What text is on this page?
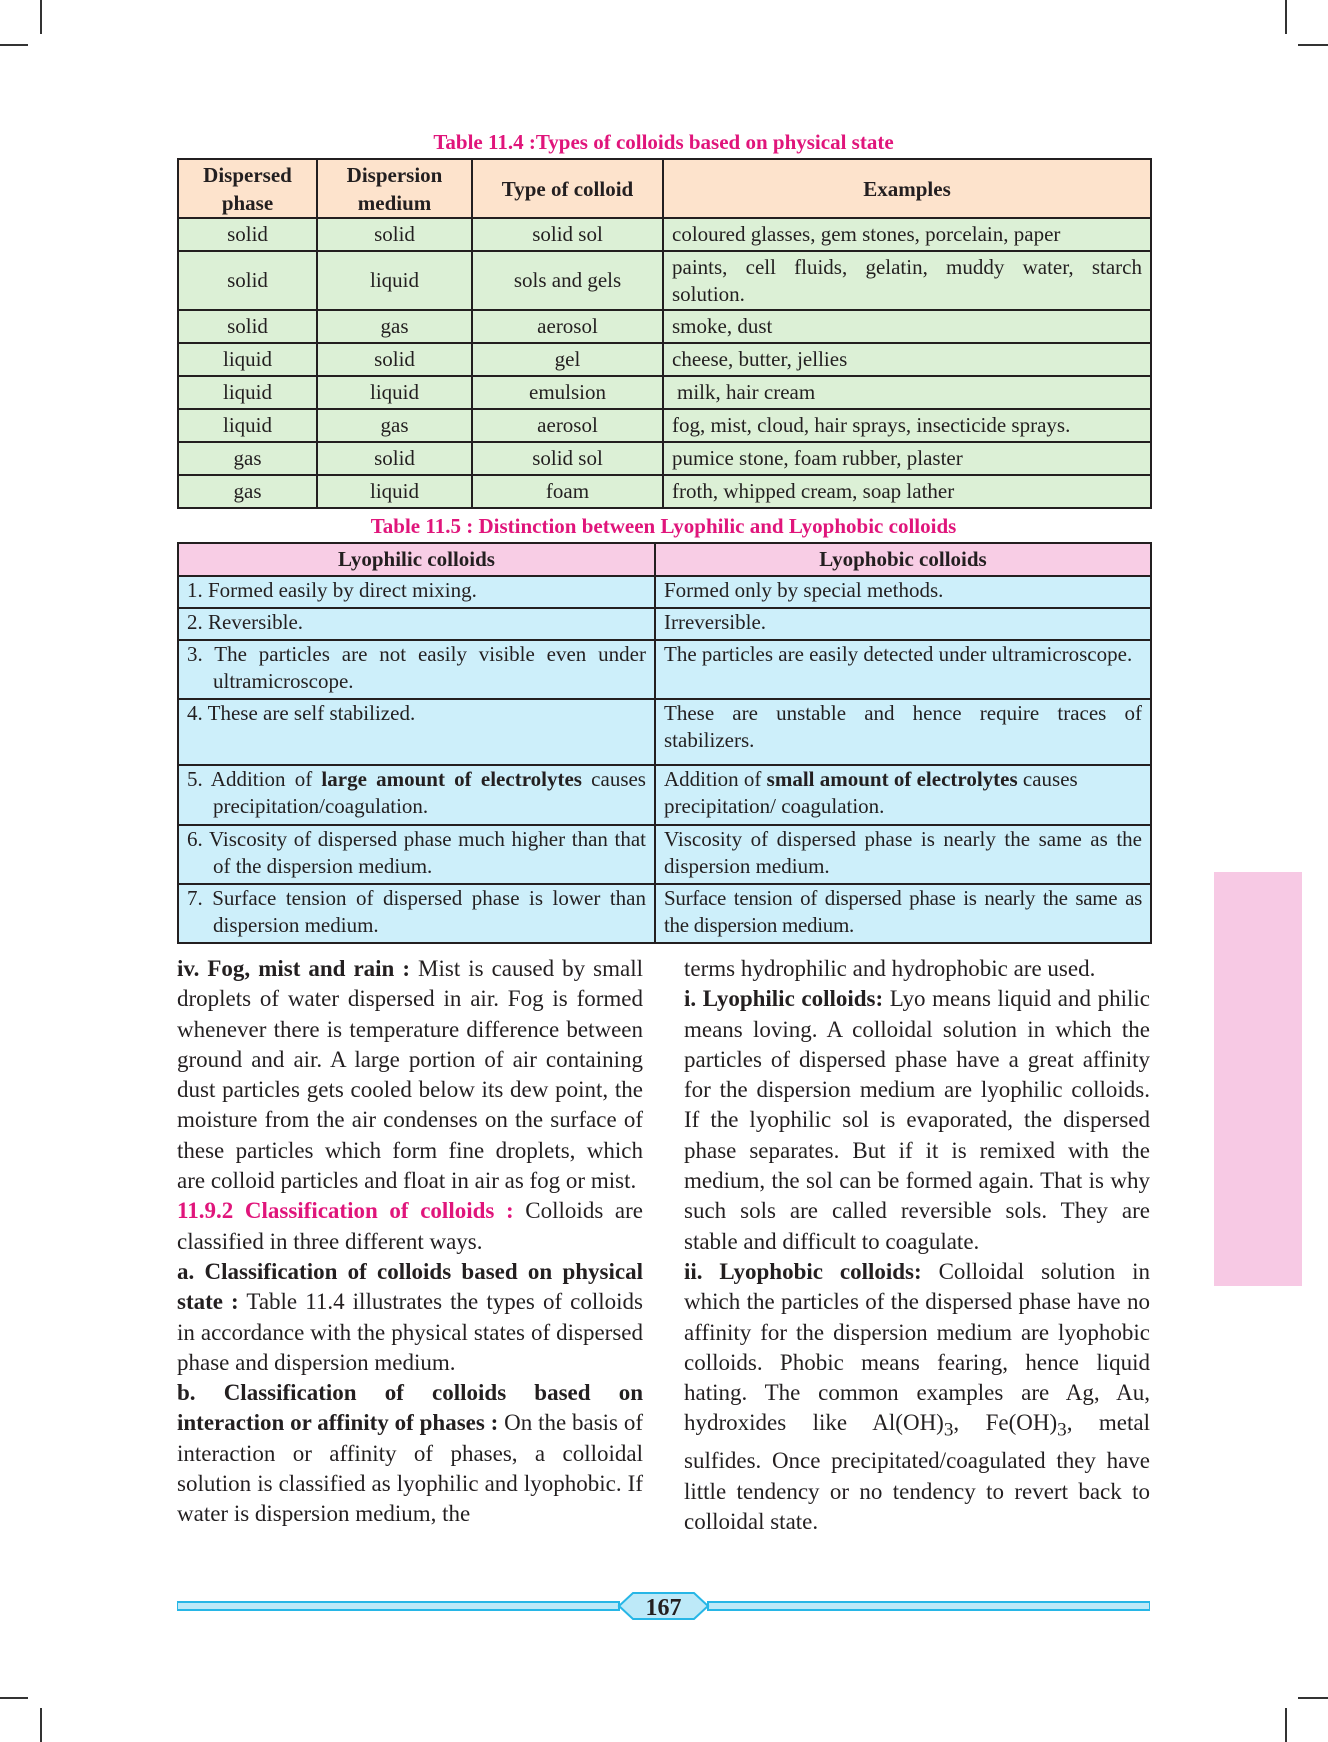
Table 11.4 :Types of colloids based on physical state
Dispersed phase	Dispersion medium	Type of colloid	Examples
solid	solid	solid sol	coloured glasses, gem stones, porcelain, paper
solid	liquid	sols and gels	paints, cell fluids, gelatin, muddy water, starch solution.
solid	gas	aerosol	smoke, dust
liquid	solid	gel	cheese, butter, jellies
liquid	liquid	emulsion	milk, hair cream
liquid	gas	aerosol	fog, mist, cloud, hair sprays, insecticide sprays.
gas	solid	solid sol	pumice stone, foam rubber, plaster
gas	liquid	foam	froth, whipped cream, soap lather
Table 11.5 : Distinction between Lyophilic and Lyophobic colloids
Lyophilic colloids	Lyophobic colloids
1. Formed easily by direct mixing.	Formed only by special methods.
2. Reversible.	Irreversible.
3. The particles are not easily visible even under ultramicroscope.	The particles are easily detected under ultramicroscope.
4. These are self stabilized.	These are unstable and hence require traces of stabilizers.
5. Addition of large amount of electrolytes causes precipitation/coagulation.	Addition of small amount of electrolytes causes precipitation/ coagulation.
6. Viscosity of dispersed phase much higher than that of the dispersion medium.	Viscosity of dispersed phase is nearly the same as the dispersion medium.
7. Surface tension of dispersed phase is lower than dispersion medium.	Surface tension of dispersed phase is nearly the same as the dispersion medium.

iv. Fog, mist and rain : Mist is caused by small droplets of water dispersed in air. Fog is formed whenever there is temperature difference between ground and air. A large portion of air containing dust particles gets cooled below its dew point, the moisture from the air condenses on the surface of these particles which form fine droplets, which are colloid particles and float in air as fog or mist.

11.9.2 Classification of colloids : Colloids are classified in three different ways.

a. Classification of colloids based on physical state : Table 11.4 illustrates the types of colloids in accordance with the physical states of dispersed phase and dispersion medium.

b. Classification of colloids based on interaction or affinity of phases : On the basis of interaction or affinity of phases, a colloidal solution is classified as lyophilic and lyophobic. If water is dispersion medium, the

terms hydrophilic and hydrophobic are used.

i. Lyophilic colloids: Lyo means liquid and philic means loving. A colloidal solution in which the particles of dispersed phase have a great affinity for the dispersion medium are lyophilic colloids. If the lyophilic sol is evaporated, the dispersed phase separates. But if it is remixed with the medium, the sol can be formed again. That is why such sols are called reversible sols. They are stable and difficult to coagulate.

ii. Lyophobic colloids: Colloidal solution in which the particles of the dispersed phase have no affinity for the dispersion medium are lyophobic colloids. Phobic means fearing, hence liquid hating. The common examples are Ag, Au, hydroxides like $Al(OH)_3$, $Fe(OH)_3$, metal sulfides. Once precipitated/coagulated they have little tendency or no tendency to revert back to colloidal state.

167
